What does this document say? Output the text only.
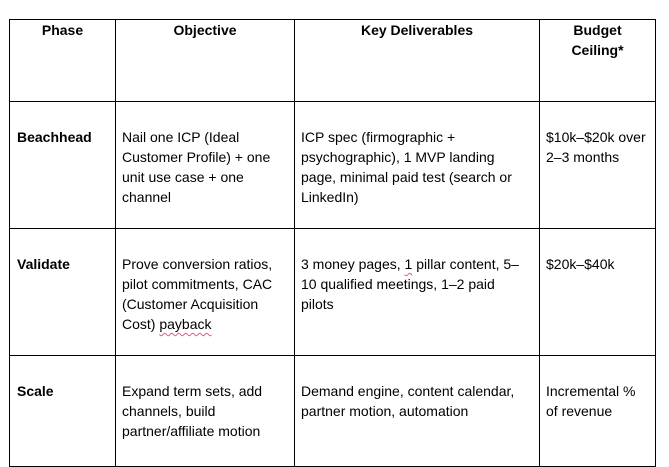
Phase	Objective	Key Deliverables	Budget
Ceiling*

Beachhead	Nail one ICP (Ideal Customer Profile) + one unit use case + one channel	ICP spec (firmographic + psychographic), 1 MVP landing page, minimal paid test (search or LinkedIn)	$10k–$20k over 2–3 months

Validate	Prove conversion ratios, pilot commitments, CAC (Customer Acquisition Cost) payback	3 money pages, 1 pillar content, 5–10 qualified meetings, 1–2 paid pilots	$20k–$40k

Scale	Expand term sets, add channels, build partner/affiliate motion	Demand engine, content calendar, partner motion, automation	Incremental % of revenue
